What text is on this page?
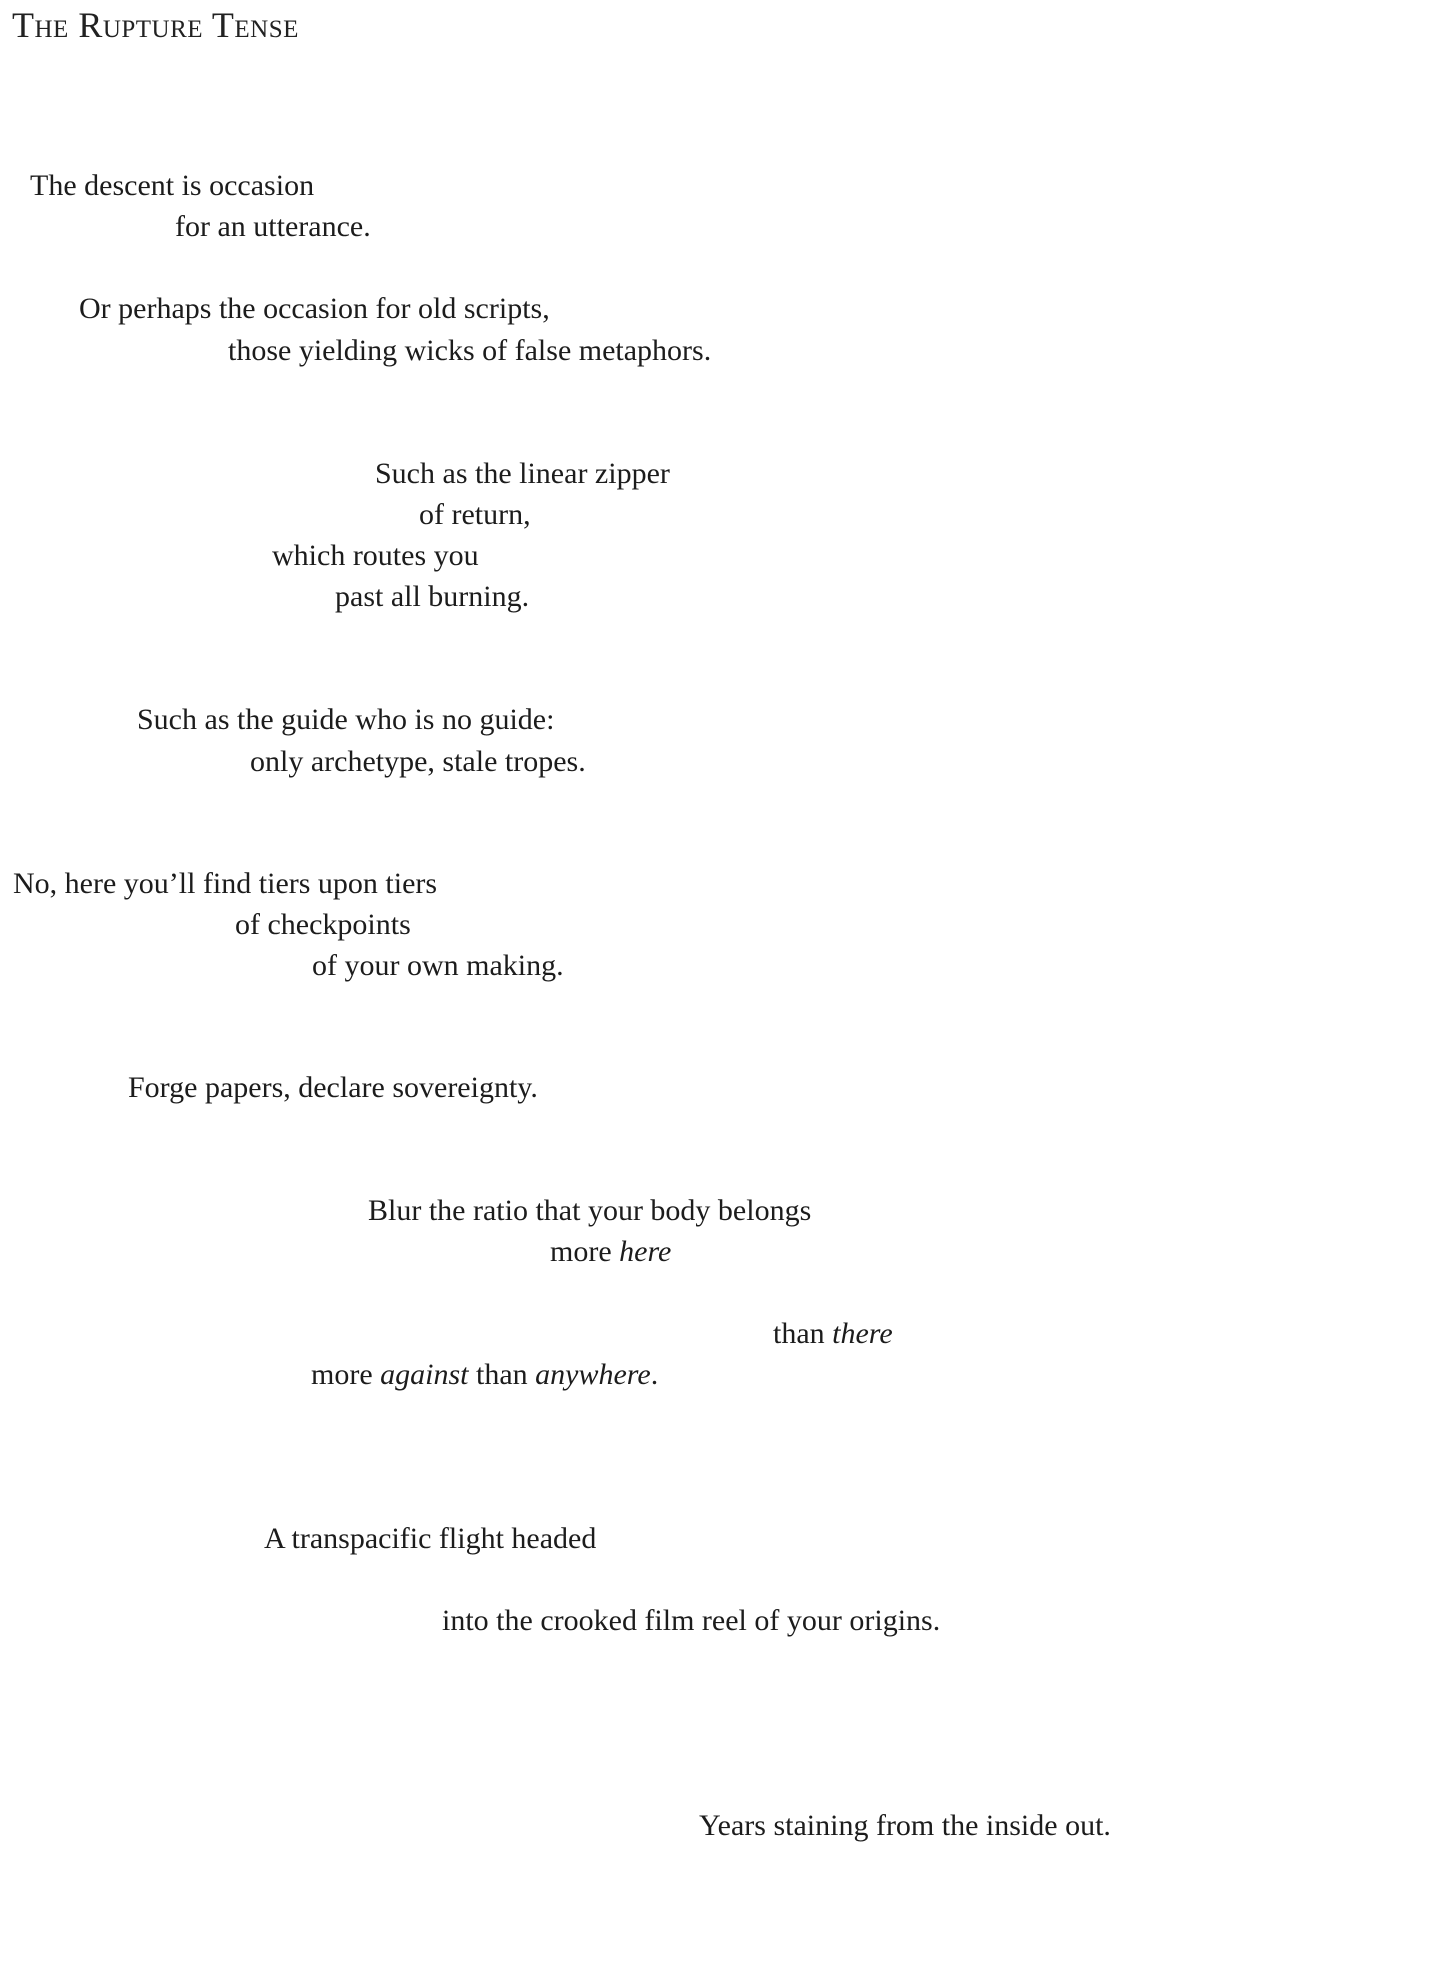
The Rupture Tense
The descent is occasion
for an utterance.
Or perhaps the occasion for old scripts,
those yielding wicks of false metaphors.
Such as the linear zipper
of return,
which routes you
past all burning.
Such as the guide who is no guide:
only archetype, stale tropes.
No, here you’ll find tiers upon tiers
of checkpoints
of your own making.
Forge papers, declare sovereignty.
Blur the ratio that your body belongs
more here
than there
more against than anywhere.
A transpacific flight headed
into the crooked film reel of your origins.
Years staining from the inside out.
